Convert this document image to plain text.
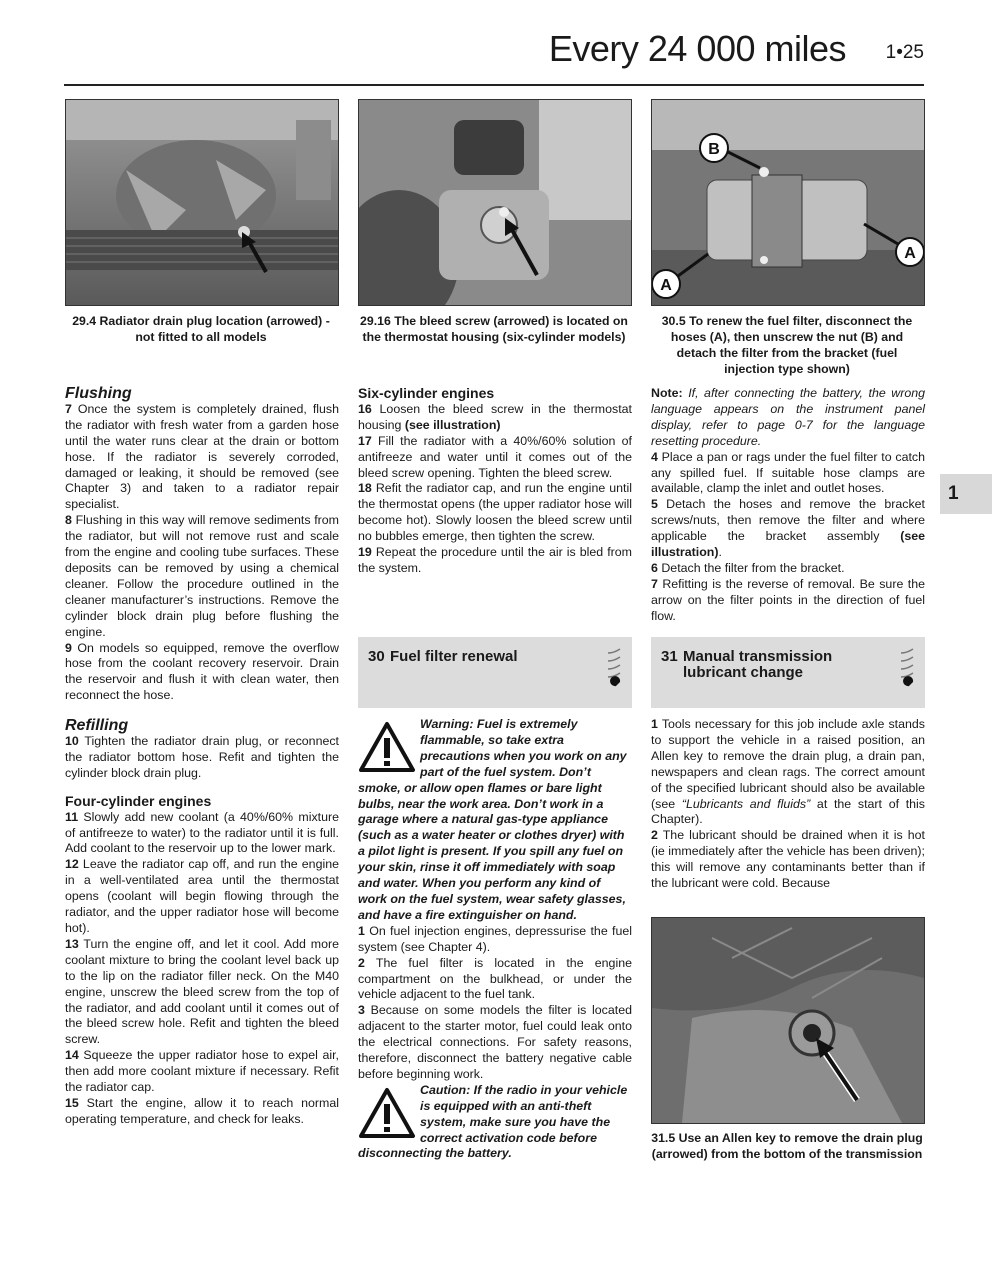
Every 24 000 miles 1•25
1
29.4 Radiator drain plug location (arrowed) - not fitted to all models
29.16 The bleed screw (arrowed) is located on the thermostat housing (six-cylinder models)
B
A
A
30.5 To renew the fuel filter, disconnect the hoses (A), then unscrew the nut (B) and detach the filter from the bracket (fuel injection type shown)

Flushing

7 Once the system is completely drained, flush the radiator with fresh water from a garden hose until the water runs clear at the drain or bottom hose. If the radiator is severely corroded, damaged or leaking, it should be removed (see Chapter 3) and taken to a radiator repair specialist.

8 Flushing in this way will remove sediments from the radiator, but will not remove rust and scale from the engine and cooling tube surfaces. These deposits can be removed by using a chemical cleaner. Follow the procedure outlined in the cleaner manufacturer’s instructions. Remove the cylinder block drain plug before flushing the engine.

9 On models so equipped, remove the overflow hose from the coolant recovery reservoir. Drain the reservoir and flush it with clean water, then reconnect the hose.

Refilling

10 Tighten the radiator drain plug, or reconnect the radiator bottom hose. Refit and tighten the cylinder block drain plug.

Four-cylinder engines

11 Slowly add new coolant (a 40%/60% mixture of antifreeze to water) to the radiator until it is full. Add coolant to the reservoir up to the lower mark.

12 Leave the radiator cap off, and run the engine in a well-ventilated area until the thermostat opens (coolant will begin flowing through the radiator, and the upper radiator hose will become hot).

13 Turn the engine off, and let it cool. Add more coolant mixture to bring the coolant level back up to the lip on the radiator filler neck. On the M40 engine, unscrew the bleed screw from the top of the radiator, and add coolant until it comes out of the bleed screw hole. Refit and tighten the bleed screw.

14 Squeeze the upper radiator hose to expel air, then add more coolant mixture if necessary. Refit the radiator cap.

15 Start the engine, allow it to reach normal operating temperature, and check for leaks.

Six-cylinder engines

16 Loosen the bleed screw in the thermostat housing (see illustration)

17 Fill the radiator with a 40%/60% solution of antifreeze and water until it comes out of the bleed screw opening. Tighten the bleed screw.

18 Refit the radiator cap, and run the engine until the thermostat opens (the upper radiator hose will become hot). Slowly loosen the bleed screw until no bubbles emerge, then tighten the screw.

19 Repeat the procedure until the air is bled from the system.

30 Fuel filter renewal
Warning: Fuel is extremely flammable, so take extra precautions when you work on any part of the fuel system. Don’t smoke, or allow open flames or bare light bulbs, near the work area. Don’t work in a garage where a natural gas-type appliance (such as a water heater or clothes dryer) with a pilot light is present. If you spill any fuel on your skin, rinse it off immediately with soap and water. When you perform any kind of work on the fuel system, wear safety glasses, and have a fire extinguisher on hand.

1 On fuel injection engines, depressurise the fuel system (see Chapter 4).

2 The fuel filter is located in the engine compartment on the bulkhead, or under the vehicle adjacent to the fuel tank.

3 Because on some models the filter is located adjacent to the starter motor, fuel could leak onto the electrical connections. For safety reasons, therefore, disconnect the battery negative cable before beginning work.

Caution: If the radio in your vehicle is equipped with an anti-theft system, make sure you have the correct activation code before disconnecting the battery.

Note: If, after connecting the battery, the wrong language appears on the instrument panel display, refer to page 0-7 for the language resetting procedure.

4 Place a pan or rags under the fuel filter to catch any spilled fuel. If suitable hose clamps are available, clamp the inlet and outlet hoses.

5 Detach the hoses and remove the bracket screws/nuts, then remove the filter and where applicable the bracket assembly (see illustration).

6 Detach the filter from the bracket.

7 Refitting is the reverse of removal. Be sure the arrow on the filter points in the direction of fuel flow.

31 Manual transmission
lubricant change

1 Tools necessary for this job include axle stands to support the vehicle in a raised position, an Allen key to remove the drain plug, a drain pan, newspapers and clean rags. The correct amount of the specified lubricant should also be available (see “Lubricants and fluids” at the start of this Chapter).

2 The lubricant should be drained when it is hot (ie immediately after the vehicle has been driven); this will remove any contaminants better than if the lubricant were cold. Because

31.5 Use an Allen key to remove the drain plug (arrowed) from the bottom of the transmission
